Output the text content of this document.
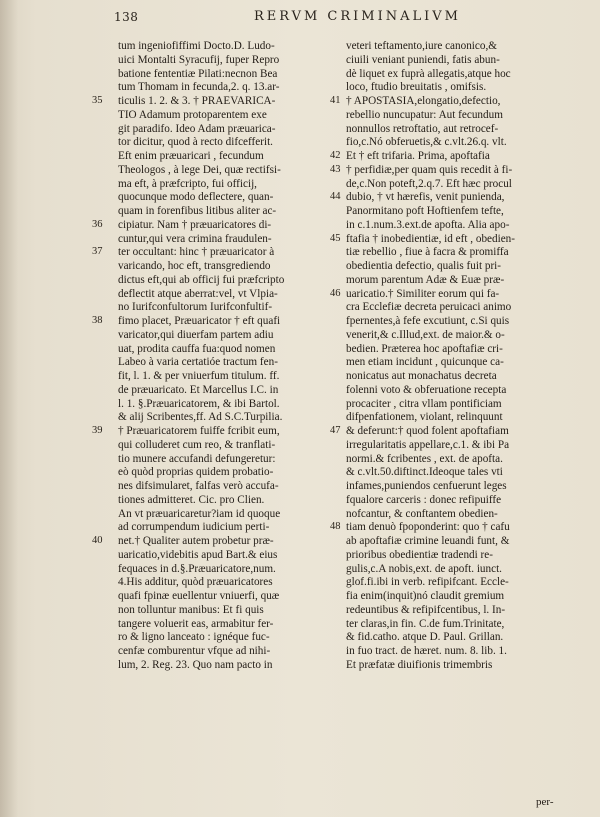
138	RERVM CRIMINALIVM
35
36
37
38
39
40
tum ingeniofiffimi Docto.D. Ludo-
uici Montalti Syracufij, fuper Repro
batione fententiæ Pilati:necnon Bea
tum Thomam in fecunda,2. q. 13.ar-
ticulis 1. 2. & 3. † PRAEVARICA-
TIO Adamum protoparentem exe
git paradifo. Ideo Adam præuarica-
tor dicitur, quod à recto difcefferit.
Eft enim præuaricari , fecundum
Theologos , à lege Dei, quæ rectifsi-
ma eft, à præfcripto, fui officij,
quocunque modo deflectere, quan-
quam in forenfibus litibus aliter ac-
cipiatur. Nam † præuaricatores di-
cuntur,qui vera crimina fraudulen-
ter occultant: hinc † præuaricator à
varicando, hoc eft, transgrediendo
dictus eft,qui ab officij fui præfcripto
deflectit atque aberrat:vel, vt Vlpia-
no Iurifconfultorum Iurifconfultif-
fimo placet, Præuaricator † eft quafi
varicator,qui diuerfam partem adiu
uat, prodita cauffa fua:quod nomen
Labeo à varia certatióe tractum fen-
fit, l. 1. & per vniuerfum titulum. ff.
de præuaricato. Et Marcellus I.C. in
l. 1. §.Præuaricatorem, & ibi Bartol.
& alij Scribentes,ff. Ad S.C.Turpilia.
† Præuaricatorem fuiffe fcribit eum,
qui colluderet cum reo, & tranflati-
tio munere accufandi defungeretur:
eò quòd proprias quidem probatio-
nes difsimularet, falfas verò accufa-
tiones admitteret. Cic. pro Clien.
An vt præuaricaretur?iam id quoque
ad corrumpendum iudicium perti-
net.† Qualiter autem probetur præ-
uaricatio,videbitis apud Bart.& eius
fequaces in d.§.Præuaricatore,num.
4.His additur, quòd præuaricatores
quafi fpinæ euellentur vniuerfi, quæ
non tolluntur manibus: Et fi quis
tangere voluerit eas, armabitur fer-
ro & ligno lanceato : ignéque fuc-
cenfæ comburentur vfque ad nihi-
lum, 2. Reg. 23. Quo nam pacto in
41
42
43
44
45
46
47
48
veteri teftamento,iure canonico,&
ciuili veniant puniendi, fatis abun-
dè liquet ex fuprà allegatis,atque hoc
loco, ftudio breuitatis , omifsis.
† APOSTASIA,elongatio,defectio,
rebellio nuncupatur: Aut fecundum
nonnullos retroftatio, aut retrocef-
fio,c.Nó obferuetis,& c.vlt.26.q. vlt.
Et † eft trifaria. Prima, apoftafia
† perfidiæ,per quam quis recedit à fi-
de,c.Non poteft,2.q.7. Eft hæc procul
dubio, † vt hærefis, venit punienda,
Panormitano poft Hoftienfem tefte,
in c.1.num.3.ext.de apofta. Alia apo-
ftafia † inobedientiæ, id eft , obedien-
tiæ rebellio , fiue à facra & promiffa
obedientia defectio, qualis fuit pri-
morum parentum Adæ & Euæ præ-
uaricatio.† Similiter eorum qui fa-
cra Ecclefiæ decreta peruicaci animo
fpernentes,à fefe excutiunt, c.Si quis
venerit,& c.Illud,ext. de maior.& o-
bedien. Præterea hoc apoftafiæ cri-
men etiam incidunt , quicunque ca-
nonicatus aut monachatus decreta
folenni voto & obferuatione recepta
procaciter , citra vllam pontificiam
difpenfationem, violant, relinquunt
& deferunt:† quod folent apoftafiam
irregularitatis appellare,c.1. & ibi Pa
normi.& fcribentes , ext. de apofta.
& c.vlt.50.diftinct.Ideoque tales vti
infames,puniendos cenfuerunt leges
fqualore carceris : donec refipuiffe
nofcantur, & conftantem obedien-
tiam denuò fpoponderint: quo † cafu
ab apoftafiæ crimine leuandi funt, &
prioribus obedientiæ tradendi re-
gulis,c.A nobis,ext. de apoft. iunct.
glof.fi.ibi in verb. refipifcant. Eccle-
fia enim(inquit)nó claudit gremium
redeuntibus & refipifcentibus, l. In-
ter claras,in fin. C.de fum.Trinitate,
& fid.catho. atque D. Paul. Grillan.
in fuo tract. de hæret. num. 8. lib. 1.
Et præfatæ diuifionis trimembris
per-
